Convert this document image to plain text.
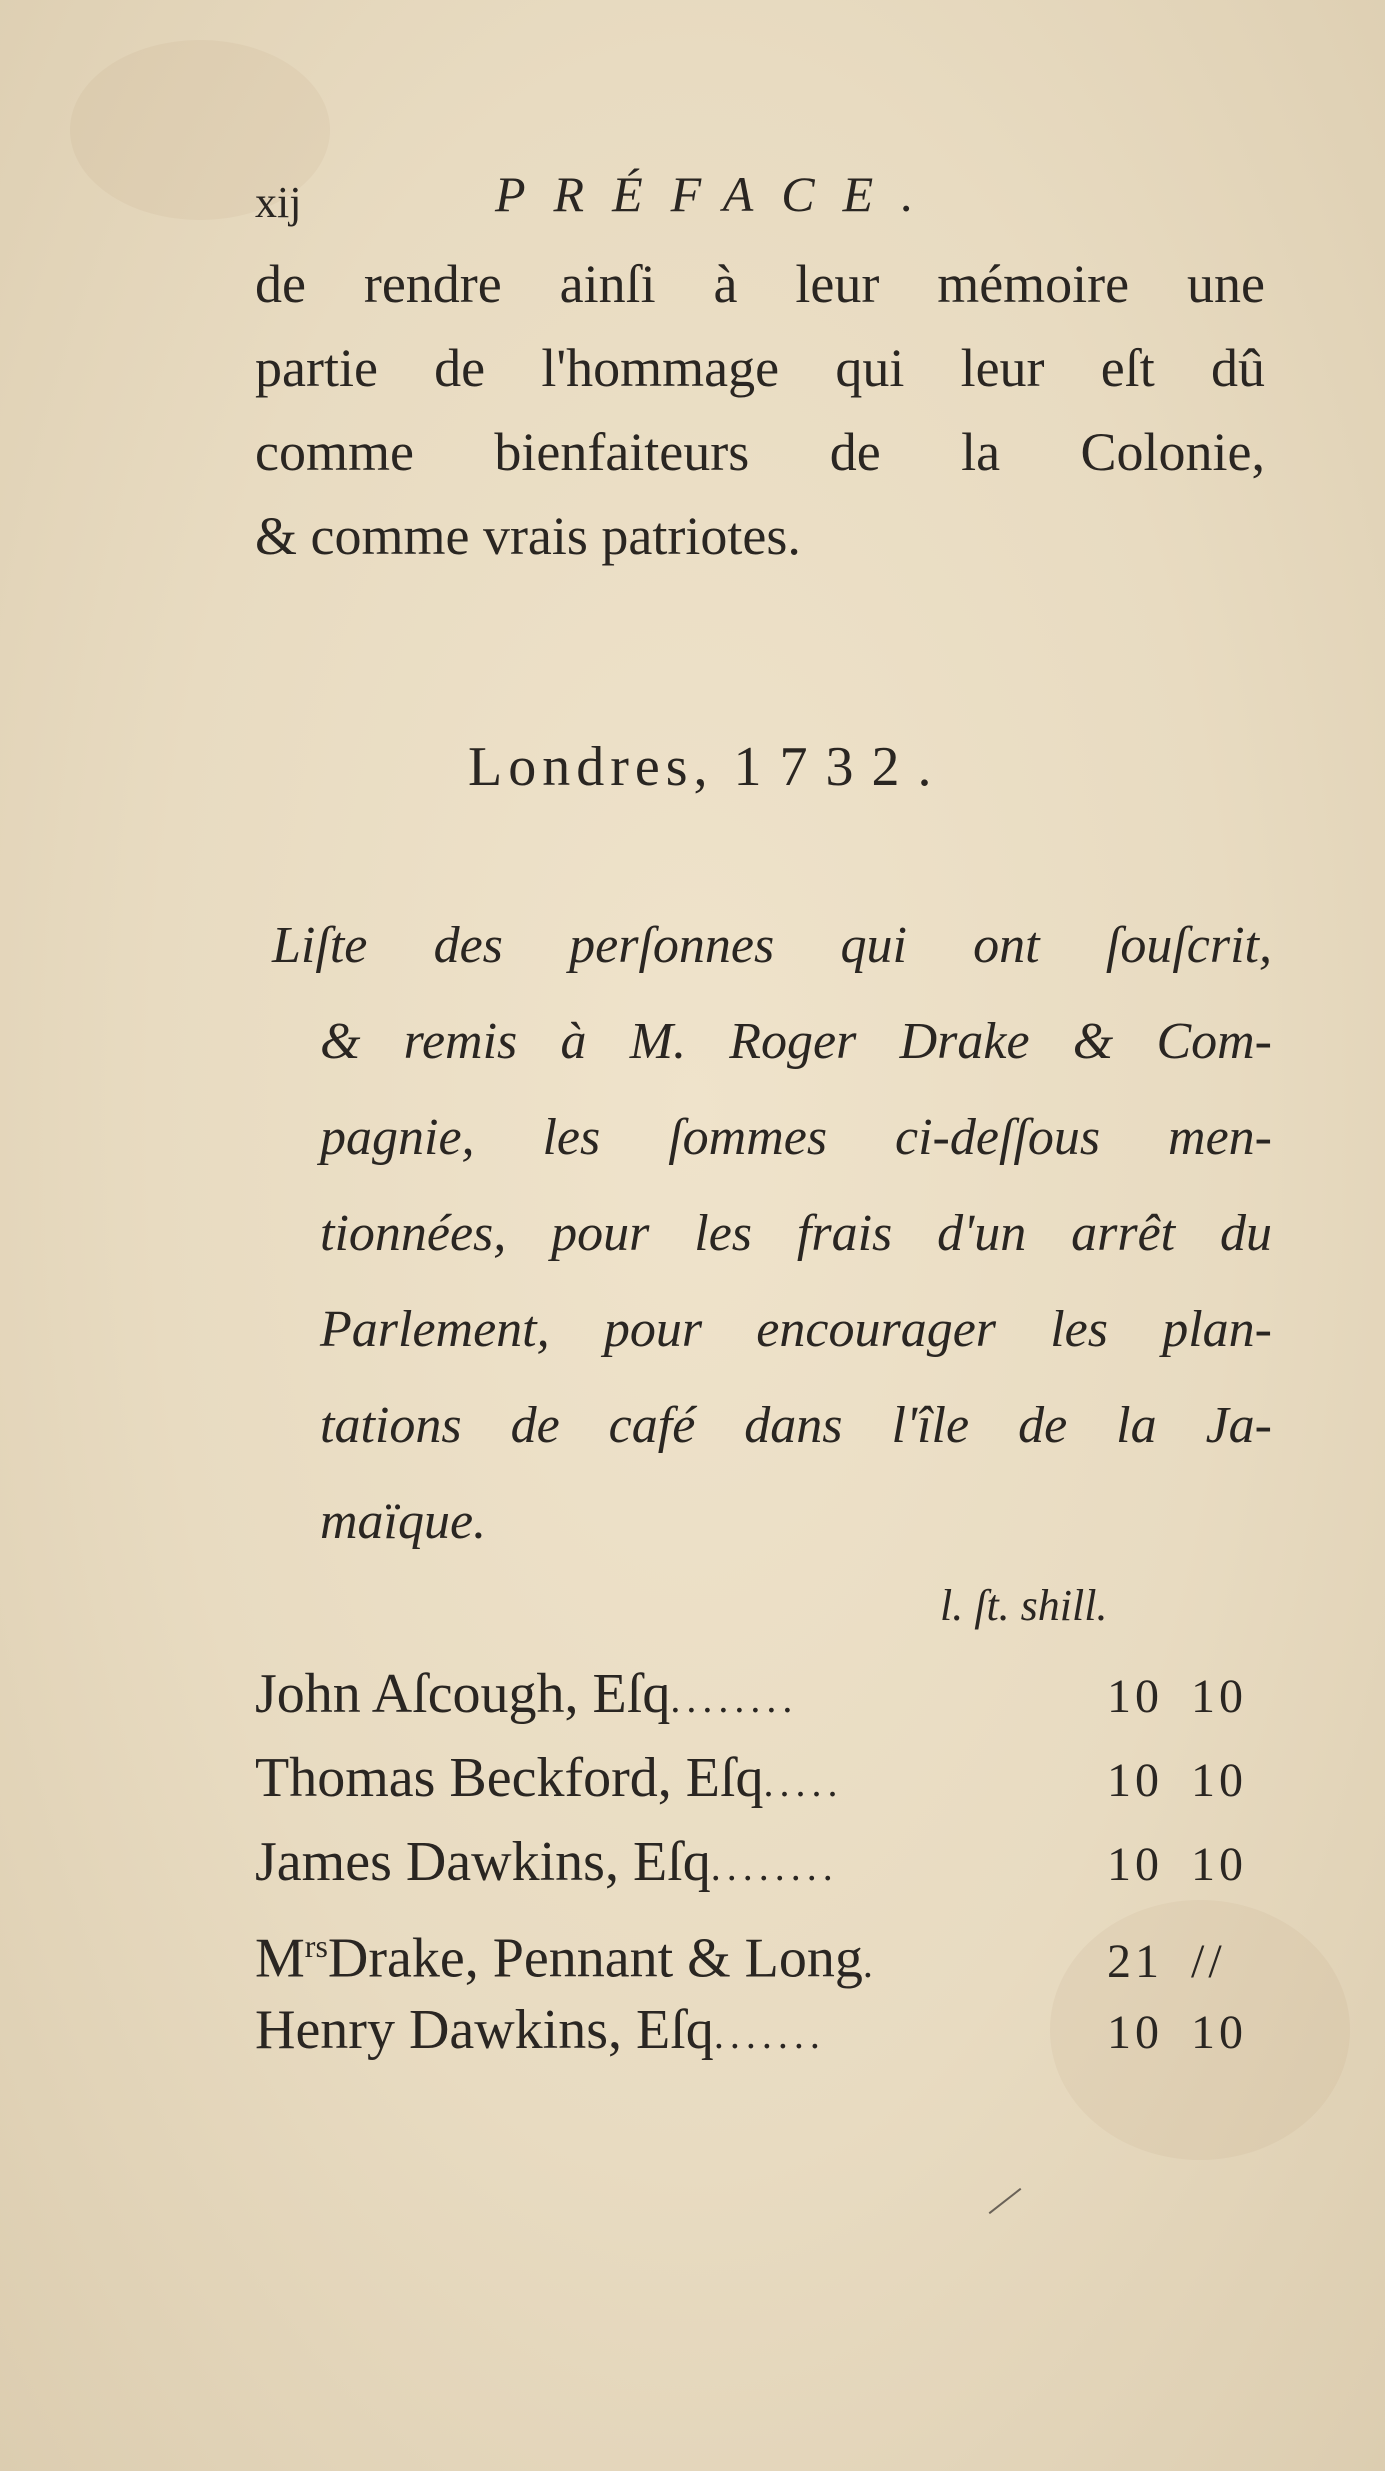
xij	PRÉFACE.
de rendre ainſi à leur mémoire une
partie de l'hommage qui leur eſt dû
comme bienfaiteurs de la Colonie,
& comme vrais patriotes.
Londres, 1732.
Liſte des perſonnes qui ont ſouſcrit,
& remis à M. Roger Drake & Com-
pagnie, les ſommes ci-deſſous men-
tionnées, pour les frais d'un arrêt du
Parlement, pour encourager les plan-
tations de café dans l'île de la Ja-
maïque.
l. ſt. shill.
John Aſcough, Eſq ........	10 10
Thomas Beckford, Eſq .....	10 10
James Dawkins, Eſq ........	10 10
$M^{rs}Drake$, Pennant & Long .	21 //
Henry Dawkins, Eſq .......	10 10
